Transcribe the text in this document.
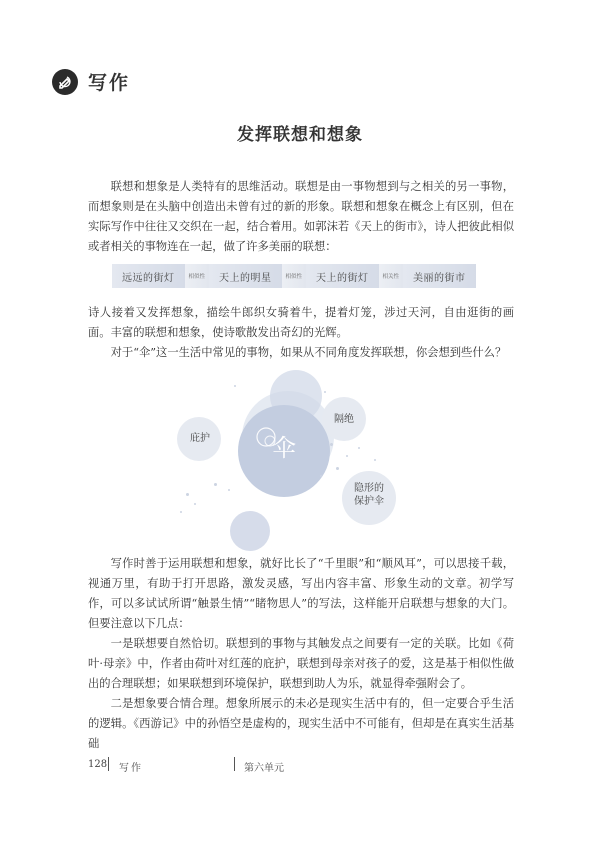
写作
发挥联想和想象

联想和想象是人类特有的思维活动。联想是由一事物想到与之相关的另一事物，而想象则是在头脑中创造出未曾有过的新的形象。联想和想象在概念上有区别，但在实际写作中往往又交织在一起，结合着用。如郭沫若《天上的街市》，诗人把彼此相似或者相关的事物连在一起，做了许多美丽的联想：

远远的街灯	相似性	天上的明星	相似性	天上的街灯	相关性	美丽的街市

诗人接着又发挥想象，描绘牛郎织女骑着牛，提着灯笼，涉过天河，自由逛街的画面。丰富的联想和想象，使诗歌散发出奇幻的光辉。

对于“伞”这一生活中常见的事物，如果从不同角度发挥联想，你会想到些什么？

伞
庇护
隔绝
隐形的
保护伞

写作时善于运用联想和想象，就好比长了“千里眼”和“顺风耳”，可以思接千载，视通万里，有助于打开思路，激发灵感，写出内容丰富、形象生动的文章。初学写作，可以多试试所谓“触景生情”“睹物思人”的写法，这样能开启联想与想象的大门。但要注意以下几点：

一是联想要自然恰切。联想到的事物与其触发点之间要有一定的关联。比如《荷叶·母亲》中，作者由荷叶对红莲的庇护，联想到母亲对孩子的爱，这是基于相似性做出的合理联想；如果联想到环境保护，联想到助人为乐，就显得牵强附会了。

二是想象要合情合理。想象所展示的未必是现实生活中有的，但一定要合乎生活的逻辑。《西游记》中的孙悟空是虚构的，现实生活中不可能有，但却是在真实生活基础

128 写作	第六单元
